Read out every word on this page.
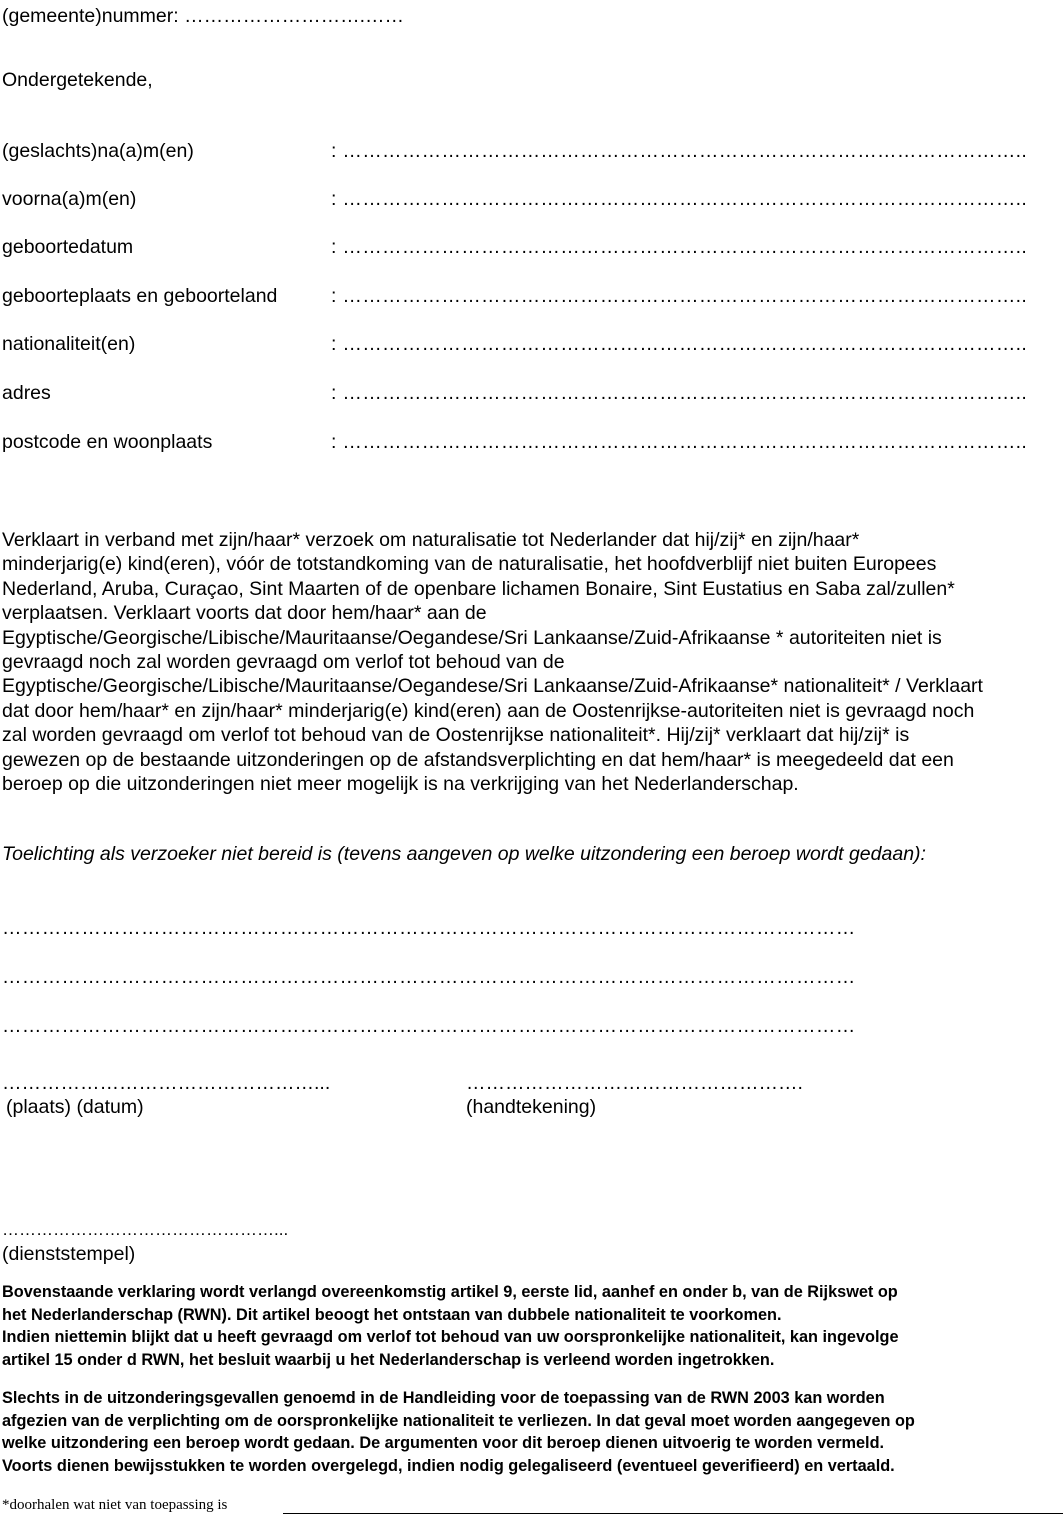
(gemeente)nummer: ……………………….……
Ondergetekende,
(geslachts)na(a)m(en)	: …………………………………………………………………………………………..
voorna(a)m(en)	: …………………………………………………………………………………………..
geboortedatum	: …………………………………………………………………………………………..
geboorteplaats en geboorteland	: …………………………………………………………………………………………..
nationaliteit(en)	: …………………………………………………………………………………………..
adres	: …………………………………………………………………………………………..
postcode en woonplaats	: …………………………………………………………………………………………..
Verklaart in verband met zijn/haar* verzoek om naturalisatie tot Nederlander dat hij/zij* en zijn/haar*
minderjarig(e) kind(eren), vóór de totstandkoming van de naturalisatie, het hoofdverblijf niet buiten Europees
Nederland, Aruba, Curaçao, Sint Maarten of de openbare lichamen Bonaire, Sint Eustatius en Saba zal/zullen*
verplaatsen. Verklaart voorts dat door hem/haar* aan de
Egyptische/Georgische/Libische/Mauritaanse/Oegandese/Sri Lankaanse/Zuid-Afrikaanse * autoriteiten niet is
gevraagd noch zal worden gevraagd om verlof tot behoud van de
Egyptische/Georgische/Libische/Mauritaanse/Oegandese/Sri Lankaanse/Zuid-Afrikaanse* nationaliteit* / Verklaart
dat door hem/haar* en zijn/haar* minderjarig(e) kind(eren) aan de Oostenrijkse-autoriteiten niet is gevraagd noch
zal worden gevraagd om verlof tot behoud van de Oostenrijkse nationaliteit*. Hij/zij* verklaart dat hij/zij* is
gewezen op de bestaande uitzonderingen op de afstandsverplichting en dat hem/haar* is meegedeeld dat een
beroep op die uitzonderingen niet meer mogelijk is na verkrijging van het Nederlanderschap.
Toelichting als verzoeker niet bereid is (tevens aangeven op welke uitzondering een beroep wordt gedaan):
…………………………………………………………………………………………………………………
…………………………………………………………………………………………………………………
…………………………………………………………………………………………………………………
…………………………………………...
(plaats) (datum)
…………………………………………….
(handtekening)
…………………………………………...
(dienststempel)
Bovenstaande verklaring wordt verlangd overeenkomstig artikel 9, eerste lid, aanhef en onder b, van de Rijkswet op
het Nederlanderschap (RWN). Dit artikel beoogt het ontstaan van dubbele nationaliteit te voorkomen.
Indien niettemin blijkt dat u heeft gevraagd om verlof tot behoud van uw oorspronkelijke nationaliteit, kan ingevolge
artikel 15 onder d RWN, het besluit waarbij u het Nederlanderschap is verleend worden ingetrokken.
Slechts in de uitzonderingsgevallen genoemd in de Handleiding voor de toepassing van de RWN 2003 kan worden
afgezien van de verplichting om de oorspronkelijke nationaliteit te verliezen. In dat geval moet worden aangegeven op
welke uitzondering een beroep wordt gedaan. De argumenten voor dit beroep dienen uitvoerig te worden vermeld.
Voorts dienen bewijsstukken te worden overgelegd, indien nodig gelegaliseerd (eventueel geverifieerd) en vertaald.
*doorhalen wat niet van toepassing is
